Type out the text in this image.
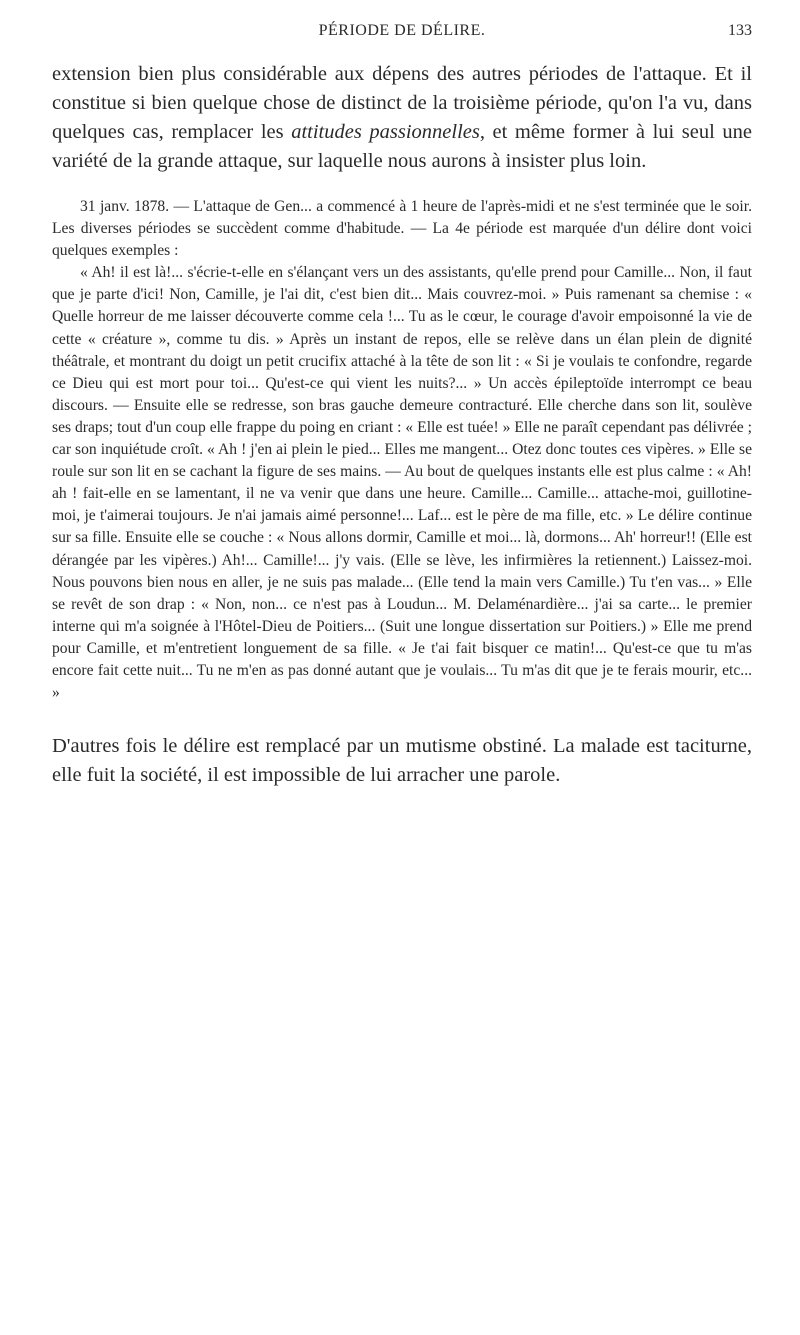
PÉRIODE DE DÉLIRE.	133

extension bien plus considérable aux dépens des autres périodes de l'attaque. Et il constitue si bien quelque chose de distinct de la troisième période, qu'on l'a vu, dans quelques cas, remplacer les attitudes passionnelles, et même former à lui seul une variété de la grande attaque, sur laquelle nous aurons à insister plus loin.

31 janv. 1878. — L'attaque de Gen... a commencé à 1 heure de l'après-midi et ne s'est terminée que le soir. Les diverses périodes se succèdent comme d'habitude. — La 4e période est marquée d'un délire dont voici quelques exemples :

« Ah! il est là!... s'écrie-t-elle en s'élançant vers un des assistants, qu'elle prend pour Camille... Non, il faut que je parte d'ici! Non, Camille, je l'ai dit, c'est bien dit... Mais couvrez-moi. » Puis ramenant sa chemise : « Quelle horreur de me laisser découverte comme cela !... Tu as le cœur, le courage d'avoir empoisonné la vie de cette « créature », comme tu dis. » Après un instant de repos, elle se relève dans un élan plein de dignité théâtrale, et montrant du doigt un petit crucifix attaché à la tête de son lit : « Si je voulais te confondre, regarde ce Dieu qui est mort pour toi... Qu'est-ce qui vient les nuits?... » Un accès épileptoïde interrompt ce beau discours. — Ensuite elle se redresse, son bras gauche demeure contracturé. Elle cherche dans son lit, soulève ses draps; tout d'un coup elle frappe du poing en criant : « Elle est tuée! » Elle ne paraît cependant pas délivrée ; car son inquiétude croît. « Ah ! j'en ai plein le pied... Elles me mangent... Otez donc toutes ces vipères. » Elle se roule sur son lit en se cachant la figure de ses mains. — Au bout de quelques instants elle est plus calme : « Ah! ah ! fait-elle en se lamentant, il ne va venir que dans une heure. Camille... Camille... attache-moi, guillotine-moi, je t'aimerai toujours. Je n'ai jamais aimé personne!... Laf... est le père de ma fille, etc. » Le délire continue sur sa fille. Ensuite elle se couche : « Nous allons dormir, Camille et moi... là, dormons... Ah' horreur!! (Elle est dérangée par les vipères.) Ah!... Camille!... j'y vais. (Elle se lève, les infirmières la retiennent.) Laissez-moi. Nous pouvons bien nous en aller, je ne suis pas malade... (Elle tend la main vers Camille.) Tu t'en vas... » Elle se revêt de son drap : « Non, non... ce n'est pas à Loudun... M. Delaménardière... j'ai sa carte... le premier interne qui m'a soignée à l'Hôtel-Dieu de Poitiers... (Suit une longue dissertation sur Poitiers.) » Elle me prend pour Camille, et m'entretient longuement de sa fille. « Je t'ai fait bisquer ce matin!... Qu'est-ce que tu m'as encore fait cette nuit... Tu ne m'en as pas donné autant que je voulais... Tu m'as dit que je te ferais mourir, etc... »

D'autres fois le délire est remplacé par un mutisme obstiné. La malade est taciturne, elle fuit la société, il est impossible de lui arracher une parole.
